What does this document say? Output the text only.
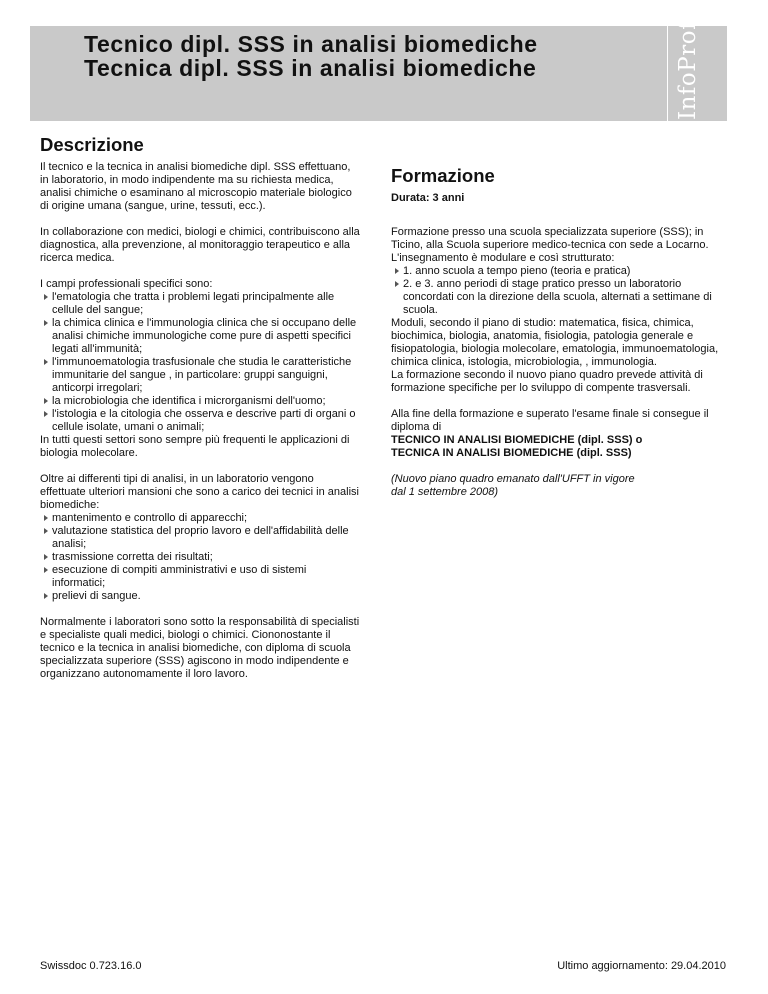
Tecnico dipl. SSS in analisi biomediche
Tecnica dipl. SSS in analisi biomediche	InfoProf
Descrizione

Il tecnico e la tecnica in analisi biomediche dipl. SSS effettuano, in laboratorio, in modo indipendente ma su richiesta medica, analisi chimiche o esaminano al microscopio materiale biologico di origine umana (sangue, urine, tessuti, ecc.).

In collaborazione con medici, biologi e chimici, contribuiscono alla diagnostica, alla prevenzione, al monitoraggio terapeutico e alla ricerca medica.

I campi professionali specifici sono:

l'ematologia che tratta i problemi legati principalmente alle cellule del sangue;
la chimica clinica e l'immunologia clinica che si occupano delle analisi chimiche immunologiche come pure di aspetti specifici legati all'immunità;
l'immunoematologia trasfusionale che studia le caratteristiche immunitarie del sangue , in particolare: gruppi sanguigni, anticorpi irregolari;
la microbiologia che identifica i microrganismi dell'uomo;
l'istologia e la citologia che osserva e descrive parti di organi o cellule isolate, umani o animali;

In tutti questi settori sono sempre più frequenti le applicazioni di biologia molecolare.

Oltre ai differenti tipi di analisi, in un laboratorio vengono effettuate ulteriori mansioni che sono a carico dei tecnici in analisi biomediche:

mantenimento e controllo di apparecchi;
valutazione statistica del proprio lavoro e dell'affidabilità delle analisi;
trasmissione corretta dei risultati;
esecuzione di compiti amministrativi e uso di sistemi informatici;
prelievi di sangue.

Normalmente i laboratori sono sotto la responsabilità di specialisti e specialiste quali medici, biologi o chimici. Ciononostante il tecnico e la tecnica in analisi biomediche, con diploma di scuola specializzata superiore (SSS) agiscono in modo indipendente e organizzano autonomamente il loro lavoro.

Formazione
Durata: 3 anni

Formazione presso una scuola specializzata superiore (SSS); in Ticino, alla Scuola superiore medico-tecnica con sede a Locarno.

L'insegnamento è modulare e così strutturato:

1. anno scuola a tempo pieno (teoria e pratica)
2. e 3. anno periodi di stage pratico presso un laboratorio concordati con la direzione della scuola, alternati a settimane di scuola.

Moduli, secondo il piano di studio: matematica, fisica, chimica, biochimica, biologia, anatomia, fisiologia, patologia generale e fisiopatologia, biologia molecolare, ematologia, immunoematologia, chimica clinica, istologia, microbiologia, , immunologia.

La formazione secondo il nuovo piano quadro prevede attività di formazione specifiche per lo sviluppo di compente trasversali.

Alla fine della formazione e superato l'esame finale si consegue il diploma di

TECNICO IN ANALISI BIOMEDICHE (dipl. SSS) o

TECNICA IN ANALISI BIOMEDICHE (dipl. SSS)

(Nuovo piano quadro emanato dall'UFFT in vigore

dal 1 settembre 2008)

Swissdoc 0.723.16.0	Ultimo aggiornamento: 29.04.2010
